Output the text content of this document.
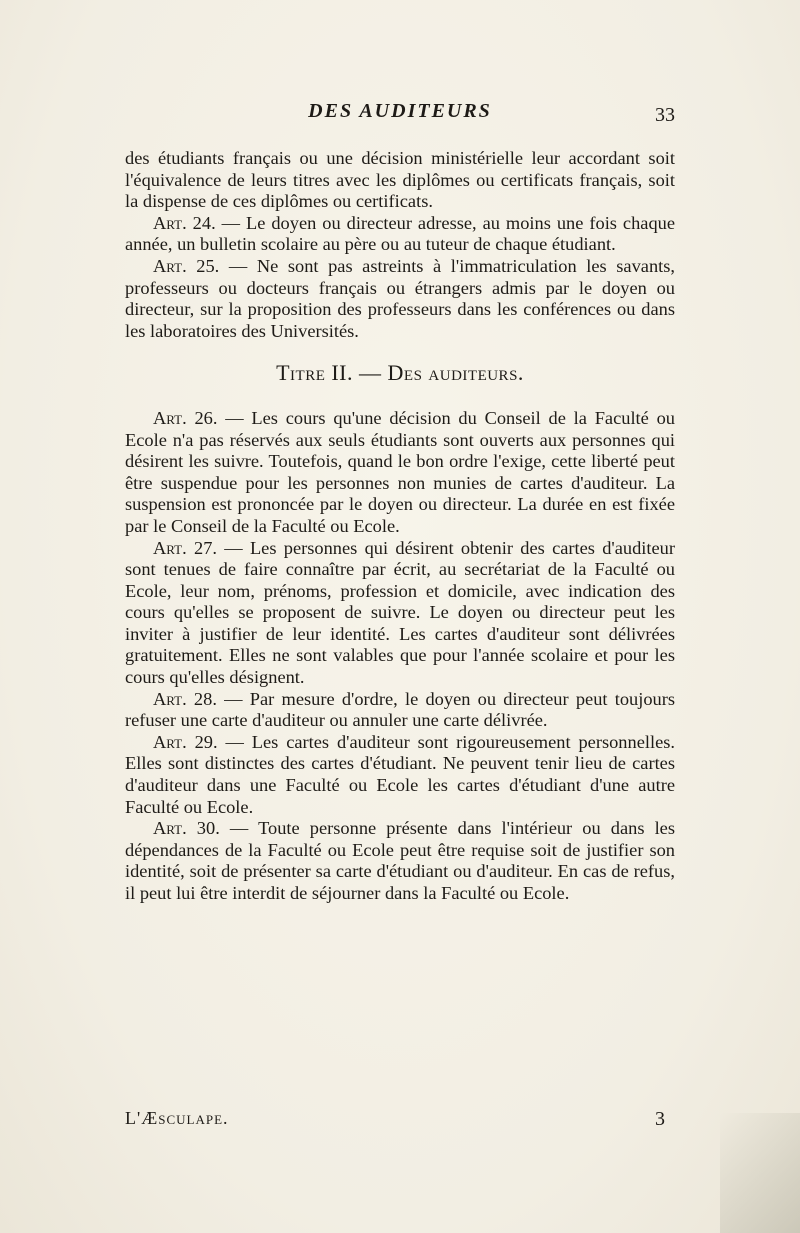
DES AUDITEURS	33

des étudiants français ou une décision ministérielle leur accordant soit l'équivalence de leurs titres avec les diplômes ou certificats français, soit la dispense de ces diplômes ou certificats.

Art. 24. — Le doyen ou directeur adresse, au moins une fois chaque année, un bulletin scolaire au père ou au tuteur de chaque étudiant.

Art. 25. — Ne sont pas astreints à l'immatriculation les savants, professeurs ou docteurs français ou étrangers admis par le doyen ou directeur, sur la proposition des professeurs dans les conférences ou dans les laboratoires des Universités.

Titre II. — Des auditeurs.

Art. 26. — Les cours qu'une décision du Conseil de la Faculté ou Ecole n'a pas réservés aux seuls étudiants sont ouverts aux personnes qui désirent les suivre. Toutefois, quand le bon ordre l'exige, cette liberté peut être suspendue pour les personnes non munies de cartes d'auditeur. La suspension est prononcée par le doyen ou directeur. La durée en est fixée par le Conseil de la Faculté ou Ecole.

Art. 27. — Les personnes qui désirent obtenir des cartes d'auditeur sont tenues de faire connaître par écrit, au secrétariat de la Faculté ou Ecole, leur nom, prénoms, profession et domicile, avec indication des cours qu'elles se proposent de suivre. Le doyen ou directeur peut les inviter à justifier de leur identité. Les cartes d'auditeur sont délivrées gratuitement. Elles ne sont valables que pour l'année scolaire et pour les cours qu'elles désignent.

Art. 28. — Par mesure d'ordre, le doyen ou directeur peut toujours refuser une carte d'auditeur ou annuler une carte délivrée.

Art. 29. — Les cartes d'auditeur sont rigoureusement personnelles. Elles sont distinctes des cartes d'étudiant. Ne peuvent tenir lieu de cartes d'auditeur dans une Faculté ou Ecole les cartes d'étudiant d'une autre Faculté ou Ecole.

Art. 30. — Toute personne présente dans l'intérieur ou dans les dépendances de la Faculté ou Ecole peut être requise soit de justifier son identité, soit de présenter sa carte d'étudiant ou d'auditeur. En cas de refus, il peut lui être interdit de séjourner dans la Faculté ou Ecole.

L'Æsculape.	3
